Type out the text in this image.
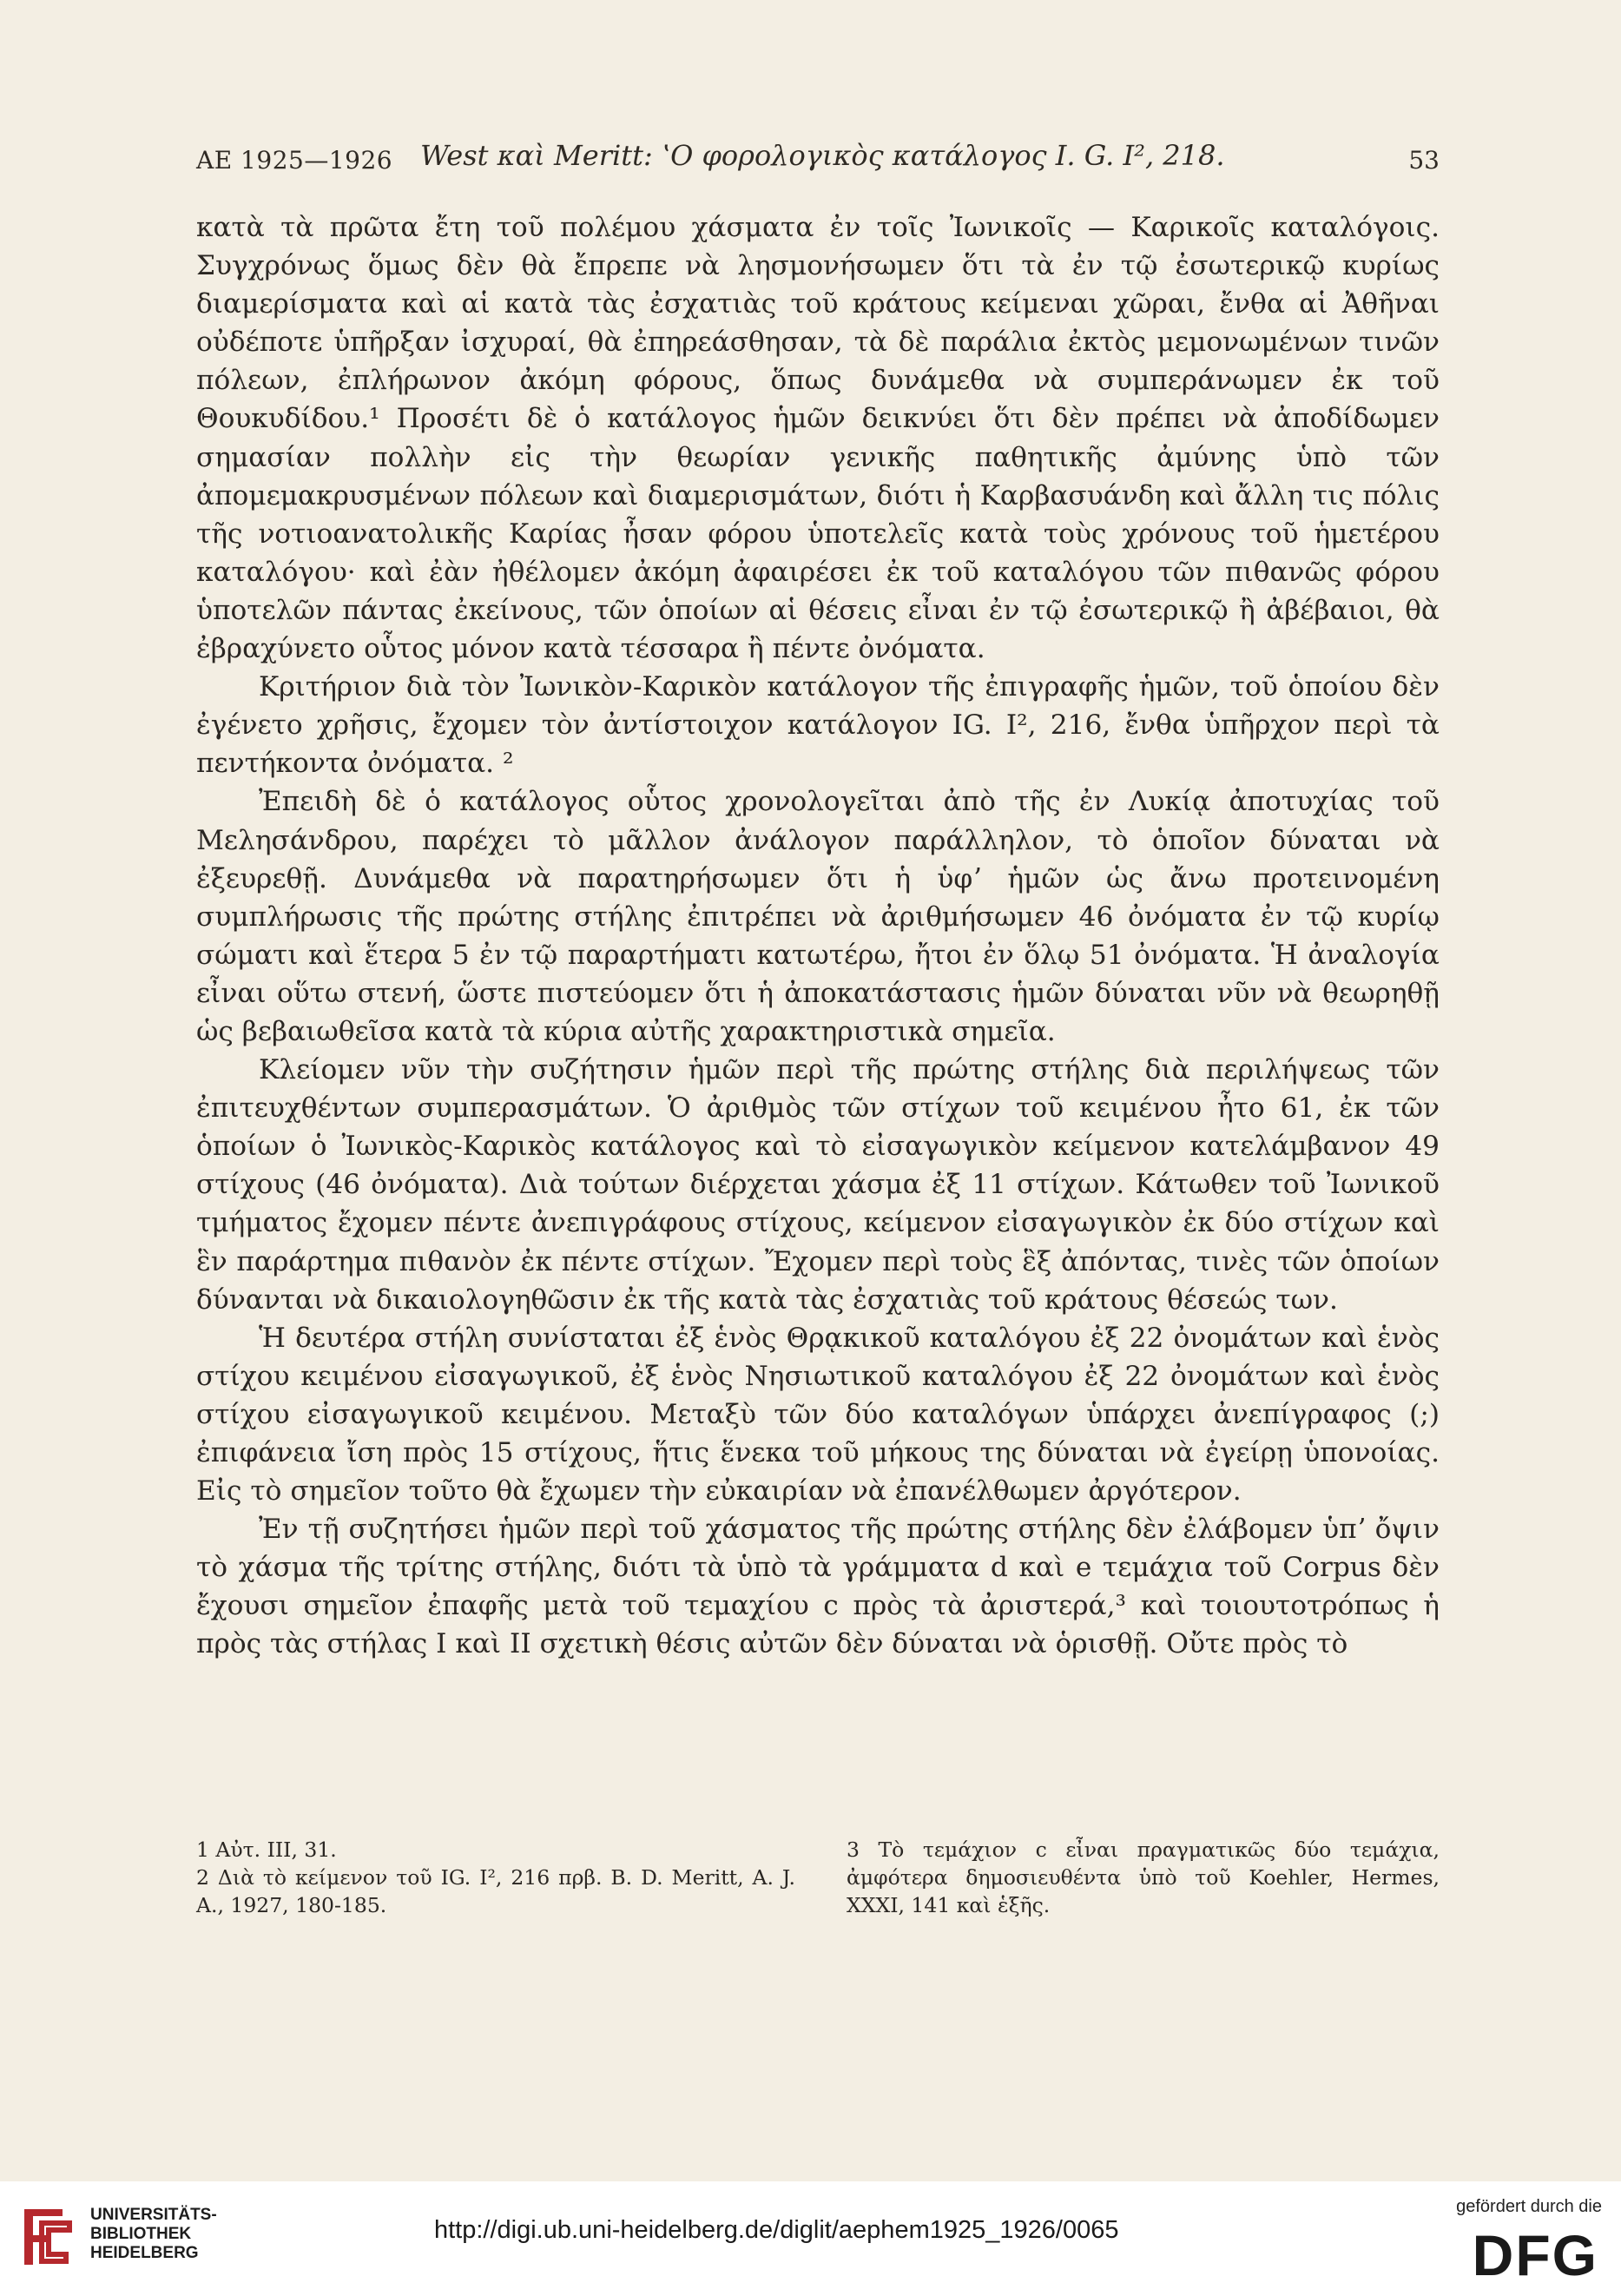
ΑΕ 1925—1926 West καὶ Meritt: ʽΟ φορολογικὸς κατάλογος I. G. I², 218.	53

κατὰ τὰ πρῶτα ἔτη τοῦ πολέμου χάσματα ἐν τοῖς Ἰωνικοῖς — Καρικοῖς καταλόγοις. Συγχρόνως ὅμως δὲν θὰ ἔπρεπε νὰ λησμονήσωμεν ὅτι τὰ ἐν τῷ ἐσωτερικῷ κυρίως διαμερίσματα καὶ αἱ κατὰ τὰς ἐσχατιὰς τοῦ κράτους κείμεναι χῶραι, ἔνθα αἱ Ἀθῆναι οὐδέποτε ὑπῆρξαν ἰσχυραί, θὰ ἐπηρεάσθησαν, τὰ δὲ παράλια ἐκτὸς μεμονωμένων τινῶν πόλεων, ἐπλήρωνον ἀκόμη φόρους, ὅπως δυνάμεθα νὰ συμπεράνωμεν ἐκ τοῦ Θουκυδίδου.¹ Προσέτι δὲ ὁ κατάλογος ἡμῶν δεικνύει ὅτι δὲν πρέπει νὰ ἀποδίδωμεν σημασίαν πολλὴν εἰς τὴν θεωρίαν γενικῆς παθητικῆς ἀμύνης ὑπὸ τῶν ἀπομεμακρυσμένων πόλεων καὶ διαμερισμάτων, διότι ἡ Καρβασυάνδη καὶ ἄλλη τις πόλις τῆς νοτιοανατολικῆς Καρίας ἦσαν φόρου ὑποτελεῖς κατὰ τοὺς χρόνους τοῦ ἡμετέρου καταλόγου· καὶ ἐὰν ἠθέλομεν ἀκόμη ἀφαιρέσει ἐκ τοῦ καταλόγου τῶν πιθανῶς φόρου ὑποτελῶν πάντας ἐκείνους, τῶν ὁποίων αἱ θέσεις εἶναι ἐν τῷ ἐσωτερικῷ ἢ ἀβέβαιοι, θὰ ἐβραχύνετο οὗτος μόνον κατὰ τέσσαρα ἢ πέντε ὀνόματα.

Κριτήριον διὰ τὸν Ἰωνικὸν-Καρικὸν κατάλογον τῆς ἐπιγραφῆς ἡμῶν, τοῦ ὁποίου δὲν ἐγένετο χρῆσις, ἔχομεν τὸν ἀντίστοιχον κατάλογον IG. I², 216, ἔνθα ὑπῆρχον περὶ τὰ πεντήκοντα ὀνόματα. ²

Ἐπειδὴ δὲ ὁ κατάλογος οὗτος χρονολογεῖται ἀπὸ τῆς ἐν Λυκίᾳ ἀποτυχίας τοῦ Μελησάνδρου, παρέχει τὸ μᾶλλον ἀνάλογον παράλληλον, τὸ ὁποῖον δύναται νὰ ἐξευρεθῇ. Δυνάμεθα νὰ παρατηρήσωμεν ὅτι ἡ ὑφʼ ἡμῶν ὡς ἄνω προτεινομένη συμπλήρωσις τῆς πρώτης στήλης ἐπιτρέπει νὰ ἀριθμήσωμεν 46 ὀνόματα ἐν τῷ κυρίῳ σώματι καὶ ἕτερα 5 ἐν τῷ παραρτήματι κατωτέρω, ἤτοι ἐν ὅλῳ 51 ὀνόματα. Ἡ ἀναλογία εἶναι οὕτω στενή, ὥστε πιστεύομεν ὅτι ἡ ἀποκατάστασις ἡμῶν δύναται νῦν νὰ θεωρηθῇ ὡς βεβαιωθεῖσα κατὰ τὰ κύρια αὐτῆς χαρακτηριστικὰ σημεῖα.

Κλείομεν νῦν τὴν συζήτησιν ἡμῶν περὶ τῆς πρώτης στήλης διὰ περιλήψεως τῶν ἐπιτευχθέντων συμπερασμάτων. Ὁ ἀριθμὸς τῶν στίχων τοῦ κειμένου ἦτο 61, ἐκ τῶν ὁποίων ὁ Ἰωνικὸς-Καρικὸς κατάλογος καὶ τὸ εἰσαγωγικὸν κείμενον κατελάμβανον 49 στίχους (46 ὀνόματα). Διὰ τούτων διέρχεται χάσμα ἐξ 11 στίχων. Κάτωθεν τοῦ Ἰωνικοῦ τμήματος ἔχομεν πέντε ἀνεπιγράφους στίχους, κείμενον εἰσαγωγικὸν ἐκ δύο στίχων καὶ ἓν παράρτημα πιθανὸν ἐκ πέντε στίχων. Ἔχομεν περὶ τοὺς ἓξ ἀπόντας, τινὲς τῶν ὁποίων δύνανται νὰ δικαιολογηθῶσιν ἐκ τῆς κατὰ τὰς ἐσχατιὰς τοῦ κράτους θέσεώς των.

Ἡ δευτέρα στήλη συνίσταται ἐξ ἑνὸς Θρᾳκικοῦ καταλόγου ἐξ 22 ὀνομάτων καὶ ἑνὸς στίχου κειμένου εἰσαγωγικοῦ, ἐξ ἑνὸς Νησιωτικοῦ καταλόγου ἐξ 22 ὀνομάτων καὶ ἑνὸς στίχου εἰσαγωγικοῦ κειμένου. Μεταξὺ τῶν δύο καταλόγων ὑπάρχει ἀνεπίγραφος (;) ἐπιφάνεια ἴση πρὸς 15 στίχους, ἥτις ἕνεκα τοῦ μήκους της δύναται νὰ ἐγείρῃ ὑπονοίας. Εἰς τὸ σημεῖον τοῦτο θὰ ἔχωμεν τὴν εὐκαιρίαν νὰ ἐπανέλθωμεν ἀργότερον.

Ἐν τῇ συζητήσει ἡμῶν περὶ τοῦ χάσματος τῆς πρώτης στήλης δὲν ἐλάβομεν ὑπʼ ὄψιν τὸ χάσμα τῆς τρίτης στήλης, διότι τὰ ὑπὸ τὰ γράμματα d καὶ e τεμάχια τοῦ Corpus δὲν ἔχουσι σημεῖον ἐπαφῆς μετὰ τοῦ τεμαχίου c πρὸς τὰ ἀριστερά,³ καὶ τοιουτοτρόπως ἡ πρὸς τὰς στήλας I καὶ II σχετικὴ θέσις αὐτῶν δὲν δύναται νὰ ὁρισθῇ. Οὔτε πρὸς τὸ

1 Αὐτ. III, 31.
2 Διὰ τὸ κείμενον τοῦ IG. I², 216 πρβ. B. D. Meritt, A. J. A., 1927, 180-185.
3 Τὸ τεμάχιον c εἶναι πραγματικῶς δύο τεμάχια, ἀμφότερα δημοσιευθέντα ὑπὸ τοῦ Koehler, Hermes, XXXI, 141 καὶ ἑξῆς.
UNIVERSITÄTS-
BIBLIOTHEK
HEIDELBERG
http://digi.ub.uni-heidelberg.de/diglit/aephem1925_1926/0065
gefördert durch die
DFG
